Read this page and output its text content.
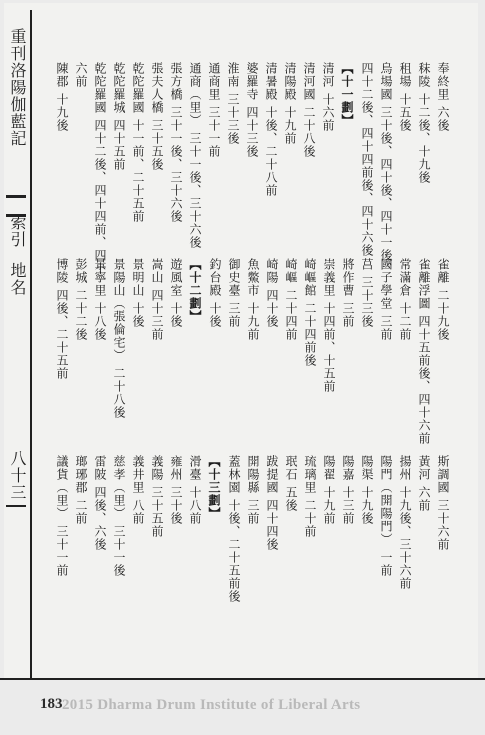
重刊洛陽伽藍記
索引
地名
八十三
奉終里 六後
秣陵 十二後、十九後
租場 十五後
烏場國 三十後、四十後、四十一後、
四十二後、四十四前後、四十六後
【十一劃】
清河 十六前
清河國 二十八後
清陽殿 十九前
清暑殿 十後、二十八前
婆羅寺 四十三後
淮南 三十三後
通商里 三十一前
通商（里） 三十一後、三十六後
張方橋 三十一後、三十六後
張夫人橋 三十五後
乾陀羅國 十一前、二十五前
乾陀羅城 四十五前
乾陀羅國 四十二後、四十四前、四十
六前
陳郡 十九後
雀離 二十九後
雀離浮圖 四十五前後、四十六前
常滿倉 十二前
國子學堂 三前
莒 三十三後
將作曹 三前
崇義里 十四前、十五前
崎嶇館 二十四前後
崎嶇 二十四前
崎陽 四十後
魚鱉市 十九前
御史臺 三前
釣台殿 十後
【十二劃】
遊風室 十後
嵩山 四十三前
景明山 十後
景陽山（張倫宅） 二十八後
景寧里 十八後
彭城 二十二後
博陵 四後、二十五前
斯調國 三十六前
黃河 六前
揚州 十九後、三十六前
陽門（開陽門） 一前
陽渠 十九後
陽嘉 十三前
陽翟 十九前
琉璃里 二十前
珉石 五後
跋提國 四十四後
開陽縣 三前
蓋林園 十後、二十五前後
【十三劃】
滑臺 十八前
雍州 三十後
義陽 三十五前
義井里 八前
慈孝（里） 三十一後
雷陂 四後、六後
瑯琊郡 二前
議貨（里） 三十一前
183 2015 Dharma Drum Institute of Liberal Arts
